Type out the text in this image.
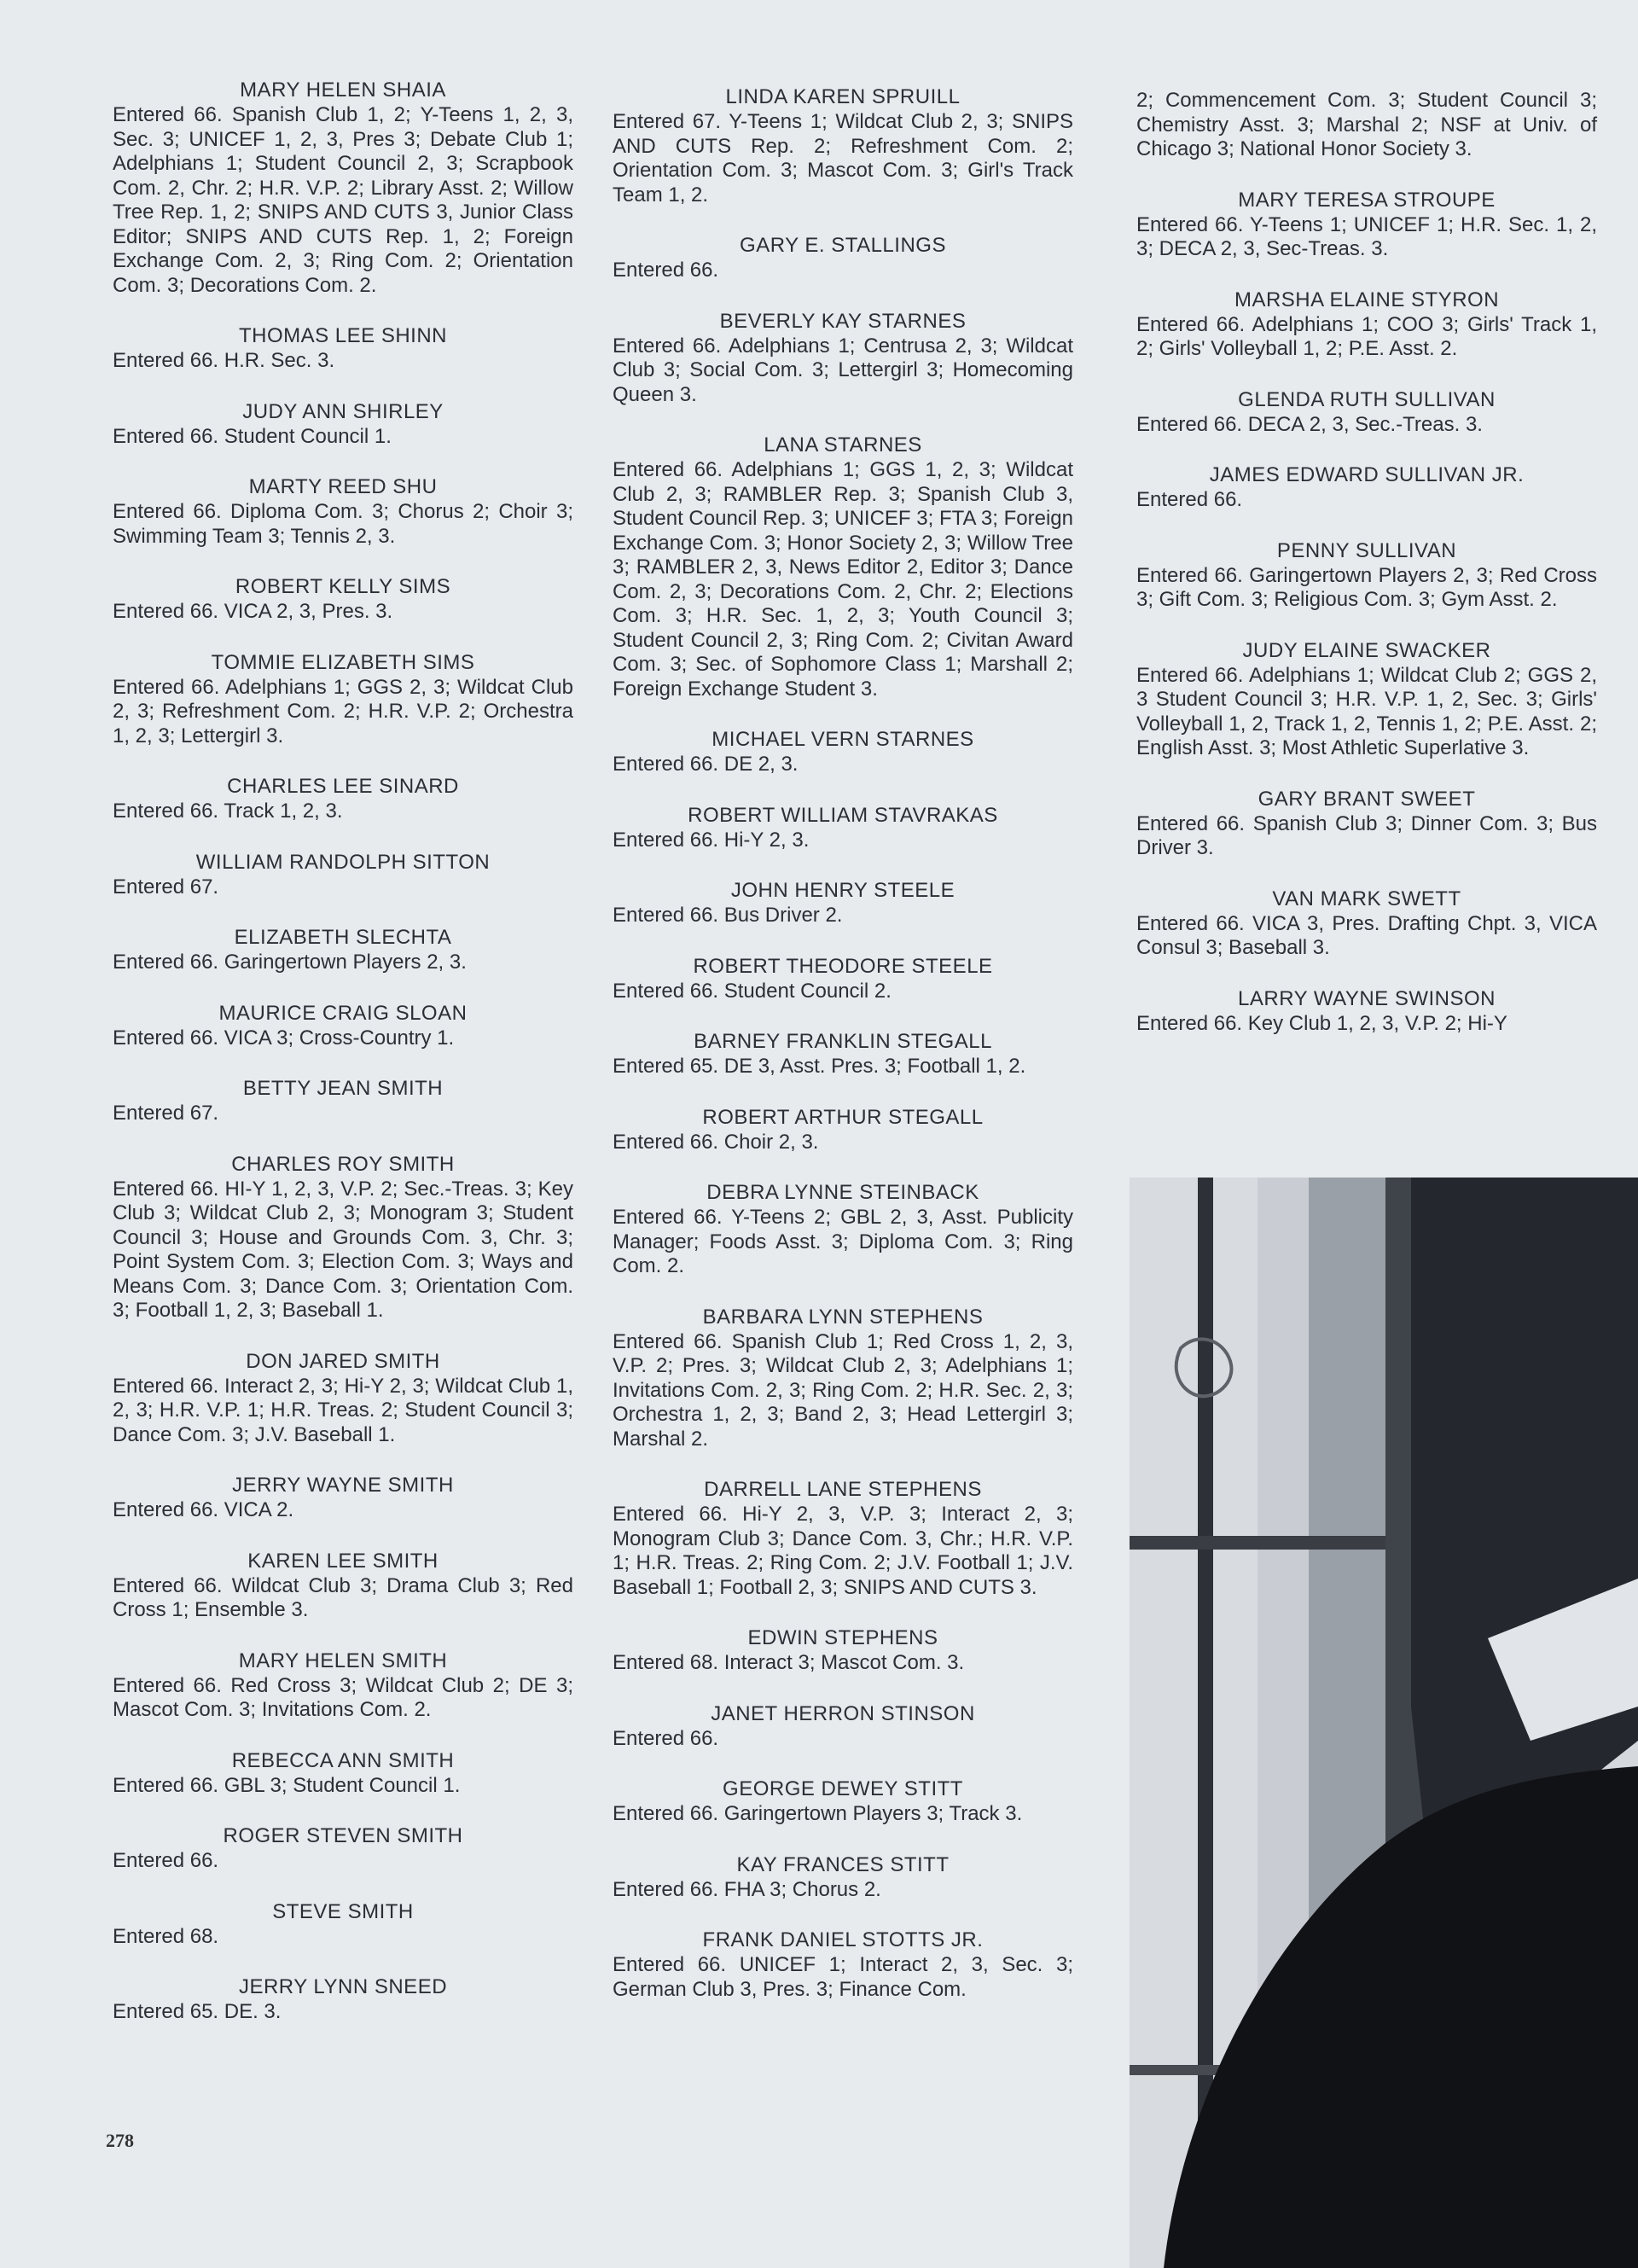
MARY HELEN SHAIA
Entered 66. Spanish Club 1, 2; Y-Teens 1, 2, 3, Sec. 3; UNICEF 1, 2, 3, Pres 3; Debate Club 1; Adelphians 1; Student Council 2, 3; Scrapbook Com. 2, Chr. 2; H.R. V.P. 2; Library Asst. 2; Willow Tree Rep. 1, 2; SNIPS AND CUTS 3, Junior Class Editor; SNIPS AND CUTS Rep. 1, 2; Foreign Exchange Com. 2, 3; Ring Com. 2; Orientation Com. 3; Decorations Com. 2.
THOMAS LEE SHINN
Entered 66. H.R. Sec. 3.
JUDY ANN SHIRLEY
Entered 66. Student Council 1.
MARTY REED SHU
Entered 66. Diploma Com. 3; Chorus 2; Choir 3; Swimming Team 3; Tennis 2, 3.
ROBERT KELLY SIMS
Entered 66. VICA 2, 3, Pres. 3.
TOMMIE ELIZABETH SIMS
Entered 66. Adelphians 1; GGS 2, 3; Wildcat Club 2, 3; Refreshment Com. 2; H.R. V.P. 2; Orchestra 1, 2, 3; Lettergirl 3.
CHARLES LEE SINARD
Entered 66. Track 1, 2, 3.
WILLIAM RANDOLPH SITTON
Entered 67.
ELIZABETH SLECHTA
Entered 66. Garingertown Players 2, 3.
MAURICE CRAIG SLOAN
Entered 66. VICA 3; Cross-Country 1.
BETTY JEAN SMITH
Entered 67.
CHARLES ROY SMITH
Entered 66. HI-Y 1, 2, 3, V.P. 2; Sec.-Treas. 3; Key Club 3; Wildcat Club 2, 3; Monogram 3; Student Council 3; House and Grounds Com. 3, Chr. 3; Point System Com. 3; Election Com. 3; Ways and Means Com. 3; Dance Com. 3; Orientation Com. 3; Football 1, 2, 3; Baseball 1.
DON JARED SMITH
Entered 66. Interact 2, 3; Hi-Y 2, 3; Wildcat Club 1, 2, 3; H.R. V.P. 1; H.R. Treas. 2; Student Council 3; Dance Com. 3; J.V. Baseball 1.
JERRY WAYNE SMITH
Entered 66. VICA 2.
KAREN LEE SMITH
Entered 66. Wildcat Club 3; Drama Club 3; Red Cross 1; Ensemble 3.
MARY HELEN SMITH
Entered 66. Red Cross 3; Wildcat Club 2; DE 3; Mascot Com. 3; Invitations Com. 2.
REBECCA ANN SMITH
Entered 66. GBL 3; Student Council 1.
ROGER STEVEN SMITH
Entered 66.
STEVE SMITH
Entered 68.
JERRY LYNN SNEED
Entered 65. DE. 3.
LINDA KAREN SPRUILL
Entered 67. Y-Teens 1; Wildcat Club 2, 3; SNIPS AND CUTS Rep. 2; Refreshment Com. 2; Orientation Com. 3; Mascot Com. 3; Girl's Track Team 1, 2.
GARY E. STALLINGS
Entered 66.
BEVERLY KAY STARNES
Entered 66. Adelphians 1; Centrusa 2, 3; Wildcat Club 3; Social Com. 3; Lettergirl 3; Homecoming Queen 3.
LANA STARNES
Entered 66. Adelphians 1; GGS 1, 2, 3; Wildcat Club 2, 3; RAMBLER Rep. 3; Spanish Club 3, Student Council Rep. 3; UNICEF 3; FTA 3; Foreign Exchange Com. 3; Honor Society 2, 3; Willow Tree 3; RAMBLER 2, 3, News Editor 2, Editor 3; Dance Com. 2, 3; Decorations Com. 2, Chr. 2; Elections Com. 3; H.R. Sec. 1, 2, 3; Youth Council 3; Student Council 2, 3; Ring Com. 2; Civitan Award Com. 3; Sec. of Sophomore Class 1; Marshall 2; Foreign Exchange Student 3.
MICHAEL VERN STARNES
Entered 66. DE 2, 3.
ROBERT WILLIAM STAVRAKAS
Entered 66. Hi-Y 2, 3.
JOHN HENRY STEELE
Entered 66. Bus Driver 2.
ROBERT THEODORE STEELE
Entered 66. Student Council 2.
BARNEY FRANKLIN STEGALL
Entered 65. DE 3, Asst. Pres. 3; Football 1, 2.
ROBERT ARTHUR STEGALL
Entered 66. Choir 2, 3.
DEBRA LYNNE STEINBACK
Entered 66. Y-Teens 2; GBL 2, 3, Asst. Publicity Manager; Foods Asst. 3; Diploma Com. 3; Ring Com. 2.
BARBARA LYNN STEPHENS
Entered 66. Spanish Club 1; Red Cross 1, 2, 3, V.P. 2; Pres. 3; Wildcat Club 2, 3; Adelphians 1; Invitations Com. 2, 3; Ring Com. 2; H.R. Sec. 2, 3; Orchestra 1, 2, 3; Band 2, 3; Head Lettergirl 3; Marshal 2.
DARRELL LANE STEPHENS
Entered 66. Hi-Y 2, 3, V.P. 3; Interact 2, 3; Monogram Club 3; Dance Com. 3, Chr.; H.R. V.P. 1; H.R. Treas. 2; Ring Com. 2; J.V. Football 1; J.V. Baseball 1; Football 2, 3; SNIPS AND CUTS 3.
EDWIN STEPHENS
Entered 68. Interact 3; Mascot Com. 3.
JANET HERRON STINSON
Entered 66.
GEORGE DEWEY STITT
Entered 66. Garingertown Players 3; Track 3.
KAY FRANCES STITT
Entered 66. FHA 3; Chorus 2.
FRANK DANIEL STOTTS JR.
Entered 66. UNICEF 1; Interact 2, 3, Sec. 3; German Club 3, Pres. 3; Finance Com.
2; Commencement Com. 3; Student Council 3; Chemistry Asst. 3; Marshal 2; NSF at Univ. of Chicago 3; National Honor Society 3.
MARY TERESA STROUPE
Entered 66. Y-Teens 1; UNICEF 1; H.R. Sec. 1, 2, 3; DECA 2, 3, Sec-Treas. 3.
MARSHA ELAINE STYRON
Entered 66. Adelphians 1; COO 3; Girls' Track 1, 2; Girls' Volleyball 1, 2; P.E. Asst. 2.
GLENDA RUTH SULLIVAN
Entered 66. DECA 2, 3, Sec.-Treas. 3.
JAMES EDWARD SULLIVAN JR.
Entered 66.
PENNY SULLIVAN
Entered 66. Garingertown Players 2, 3; Red Cross 3; Gift Com. 3; Religious Com. 3; Gym Asst. 2.
JUDY ELAINE SWACKER
Entered 66. Adelphians 1; Wildcat Club 2; GGS 2, 3 Student Council 3; H.R. V.P. 1, 2, Sec. 3; Girls' Volleyball 1, 2, Track 1, 2, Tennis 1, 2; P.E. Asst. 2; English Asst. 3; Most Athletic Superlative 3.
GARY BRANT SWEET
Entered 66. Spanish Club 3; Dinner Com. 3; Bus Driver 3.
VAN MARK SWETT
Entered 66. VICA 3, Pres. Drafting Chpt. 3, VICA Consul 3; Baseball 3.
LARRY WAYNE SWINSON
Entered 66. Key Club 1, 2, 3, V.P. 2; Hi-Y
278
